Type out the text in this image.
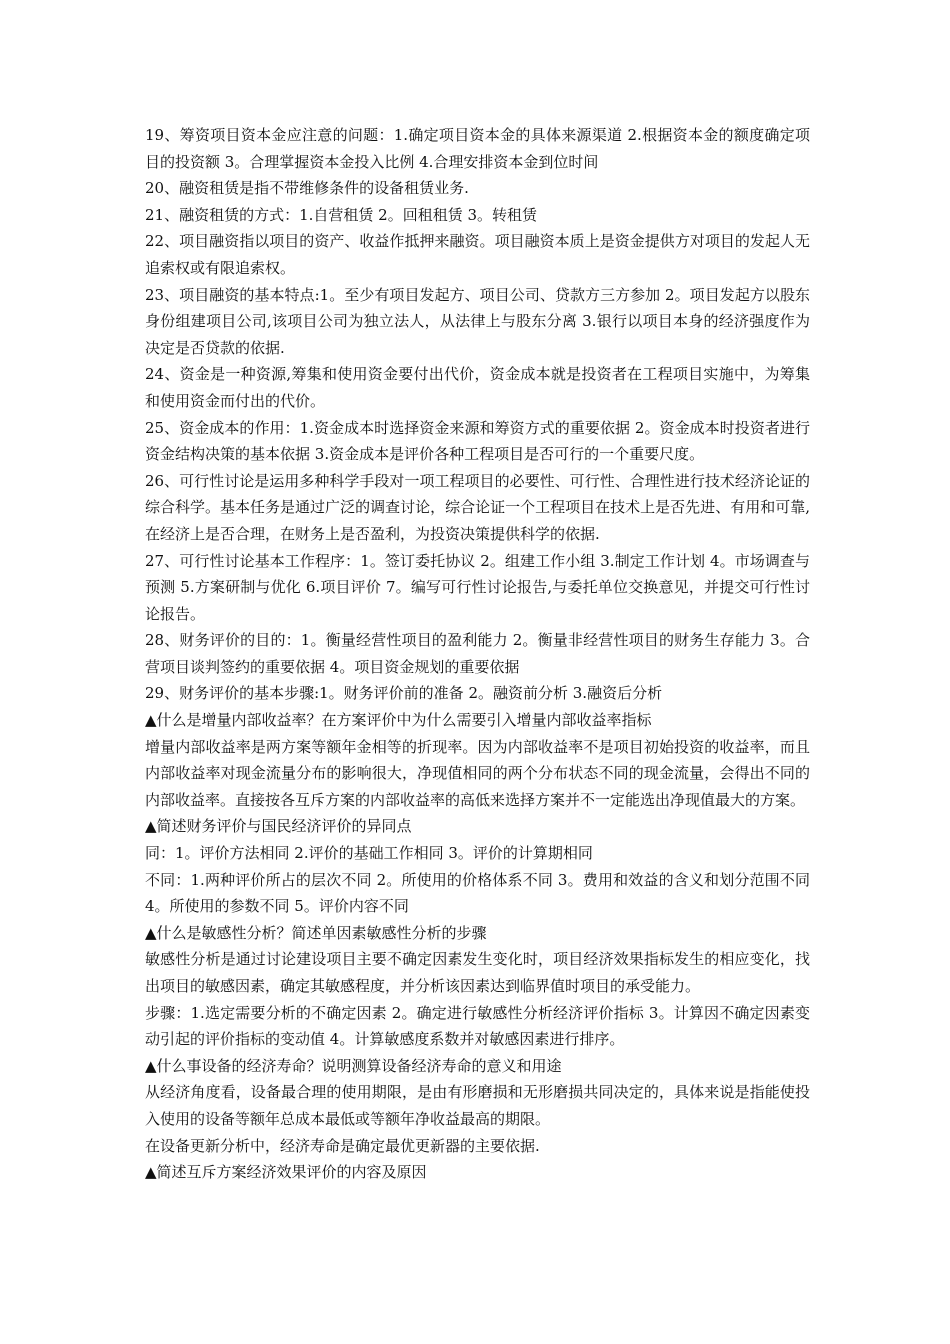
19、筹资项目资本金应注意的问题：1.确定项目资本金的具体来源渠道 2.根据资本金的额度确定项目的投资额 3。合理掌握资本金投入比例 4.合理安排资本金到位时间

20、融资租赁是指不带维修条件的设备租赁业务.

21、融资租赁的方式：1.自营租赁 2。回租租赁 3。转租赁

22、项目融资指以项目的资产、收益作抵押来融资。项目融资本质上是资金提供方对项目的发起人无追索权或有限追索权。

23、项目融资的基本特点:1。至少有项目发起方、项目公司、贷款方三方参加 2。项目发起方以股东身份组建项目公司,该项目公司为独立法人，从法律上与股东分离 3.银行以项目本身的经济强度作为决定是否贷款的依据.

24、资金是一种资源,筹集和使用资金要付出代价，资金成本就是投资者在工程项目实施中，为筹集和使用资金而付出的代价。

25、资金成本的作用：1.资金成本时选择资金来源和筹资方式的重要依据 2。资金成本时投资者进行资金结构决策的基本依据 3.资金成本是评价各种工程项目是否可行的一个重要尺度。

26、可行性讨论是运用多种科学手段对一项工程项目的必要性、可行性、合理性进行技术经济论证的综合科学。基本任务是通过广泛的调查讨论，综合论证一个工程项目在技术上是否先进、有用和可靠,在经济上是否合理，在财务上是否盈利，为投资决策提供科学的依据.

27、可行性讨论基本工作程序：1。签订委托协议 2。组建工作小组 3.制定工作计划 4。市场调查与预测 5.方案研制与优化 6.项目评价 7。编写可行性讨论报告,与委托单位交换意见，并提交可行性讨论报告。

28、财务评价的目的：1。衡量经营性项目的盈利能力 2。衡量非经营性项目的财务生存能力 3。合营项目谈判签约的重要依据 4。项目资金规划的重要依据

29、财务评价的基本步骤:1。财务评价前的准备 2。融资前分析 3.融资后分析

▲什么是增量内部收益率？在方案评价中为什么需要引入增量内部收益率指标

增量内部收益率是两方案等额年金相等的折现率。因为内部收益率不是项目初始投资的收益率，而且内部收益率对现金流量分布的影响很大，净现值相同的两个分布状态不同的现金流量，会得出不同的内部收益率。直接按各互斥方案的内部收益率的高低来选择方案并不一定能选出净现值最大的方案。

▲简述财务评价与国民经济评价的异同点

同：1。评价方法相同 2.评价的基础工作相同 3。评价的计算期相同

不同：1.两种评价所占的层次不同 2。所使用的价格体系不同 3。费用和效益的含义和划分范围不同 4。所使用的参数不同 5。评价内容不同

▲什么是敏感性分析？简述单因素敏感性分析的步骤

敏感性分析是通过讨论建设项目主要不确定因素发生变化时，项目经济效果指标发生的相应变化，找出项目的敏感因素，确定其敏感程度，并分析该因素达到临界值时项目的承受能力。

步骤：1.选定需要分析的不确定因素 2。确定进行敏感性分析经济评价指标 3。计算因不确定因素变动引起的评价指标的变动值 4。计算敏感度系数并对敏感因素进行排序。

▲什么事设备的经济寿命？说明测算设备经济寿命的意义和用途

从经济角度看，设备最合理的使用期限，是由有形磨损和无形磨损共同决定的，具体来说是指能使投入使用的设备等额年总成本最低或等额年净收益最高的期限。

在设备更新分析中，经济寿命是确定最优更新器的主要依据.

▲简述互斥方案经济效果评价的内容及原因
